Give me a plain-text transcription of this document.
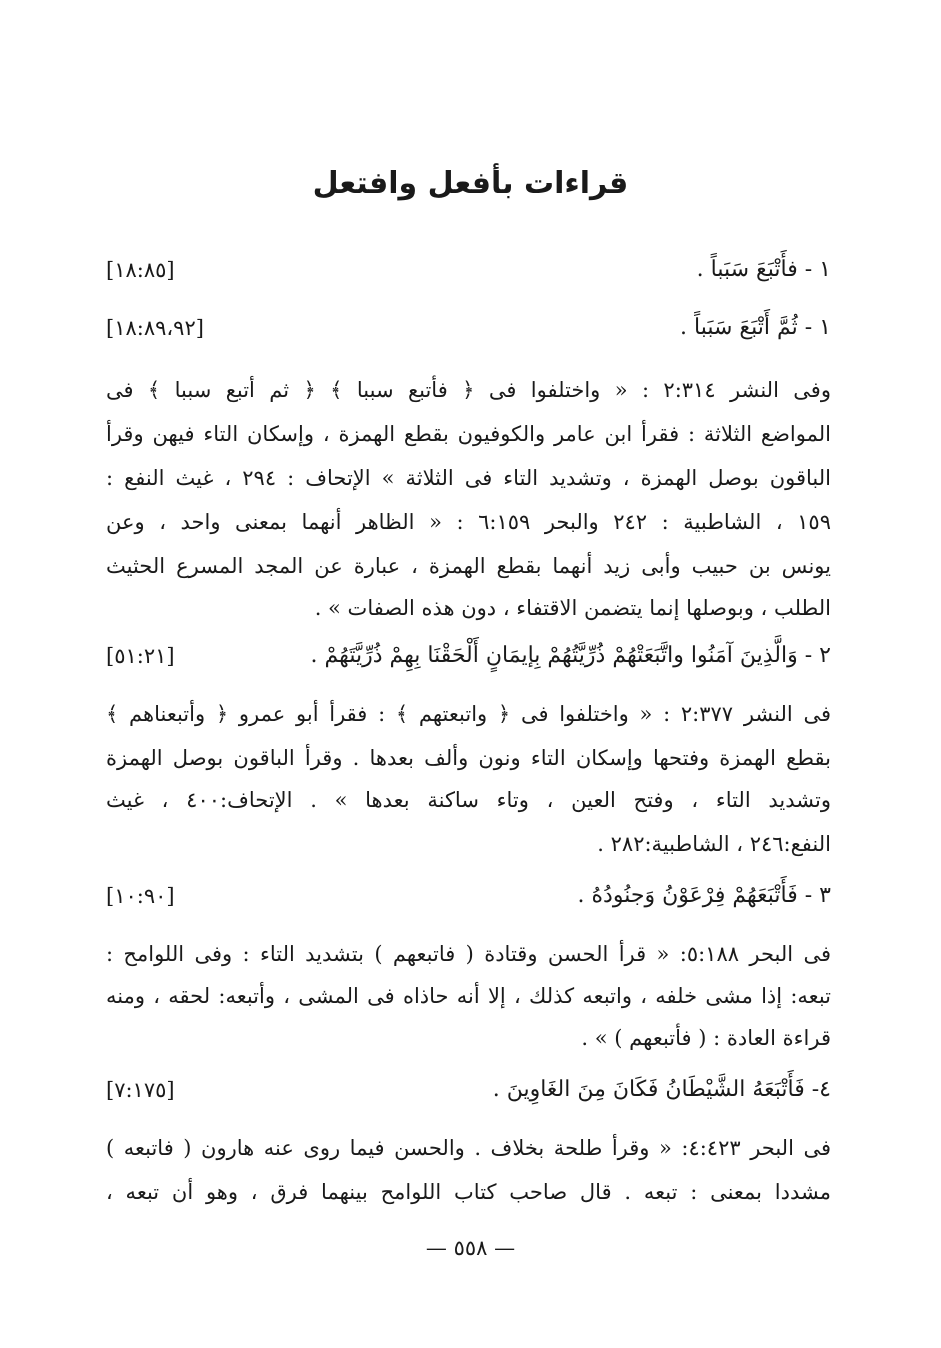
قراءات بأفعل وافتعل
١ - فأَتْبَعَ سَبَباً .
[١٨:٨٥]
١ - ثُمَّ أَتْبَعَ سَبَباً .
[١٨:٨٩،٩٢]
وفى النشر ٢:٣١٤ : « واختلفوا فى ﴿ فأتبع سببا ﴾ ﴿ ثم أتبع سببا ﴾ فى
المواضع الثلاثة : فقرأ ابن عامر والكوفيون بقطع الهمزة ، وإسكان التاء فيهن وقرأ
الباقون بوصل الهمزة ، وتشديد التاء فى الثلاثة » الإتحاف : ٢٩٤ ، غيث النفع :
١٥٩ ، الشاطبية : ٢٤٢ والبحر ٦:١٥٩ : « الظاهر أنهما بمعنى واحد ، وعن
يونس بن حبيب وأبى زيد أنهما بقطع الهمزة ، عبارة عن المجد المسرع الحثيث
الطلب ، وبوصلها إنما يتضمن الاقتفاء ، دون هذه الصفات » .
٢ - وَالَّذِينَ آمَنُوا واتَّبَعَتْهُمْ ذُرِّيَّتُهُمْ بِإيمَانٍ أَلْحَقْنَا بِهِمْ ذُرِّيَّتَهُمْ .
[٥١:٢١]
فى النشر ٢:٣٧٧ : « واختلفوا فى ﴿ واتبعتهم ﴾ : فقرأ أبو عمرو ﴿ وأتبعناهم ﴾
بقطع الهمزة وفتحها وإسكان التاء ونون وألف بعدها . وقرأ الباقون بوصل الهمزة
وتشديد التاء ، وفتح العين ، وتاء ساكنة بعدها » . الإتحاف:٤٠٠ ، غيث
النفع:٢٤٦ ، الشاطبية:٢٨٢ .
٣ - فَأَتْبَعَهُمْ فِرْعَوْنُ وَجنُودُهُ .
[١٠:٩٠]
فى البحر ٥:١٨٨: « قرأ الحسن وقتادة ( فاتبعهم ) بتشديد التاء : وفى اللوامح :
تبعه: إذا مشى خلفه ، واتبعه كذلك ، إلا أنه حاذاه فى المشى ، وأتبعه: لحقه ، ومنه
قراءة العادة : ( فأتبعهم ) » .
٤- فَأَتْبَعَهُ الشَّيْطَانُ فَكَانَ مِنَ الغَاوِينَ .
[٧:١٧٥]
فى البحر ٤:٤٢٣: « وقرأ طلحة بخلاف . والحسن فيما روى عنه هارون ( فاتبعه )
مشددا بمعنى : تبعه . قال صاحب كتاب اللوامح بينهما فرق ، وهو أن تبعه ،
— ٥٥٨ —
